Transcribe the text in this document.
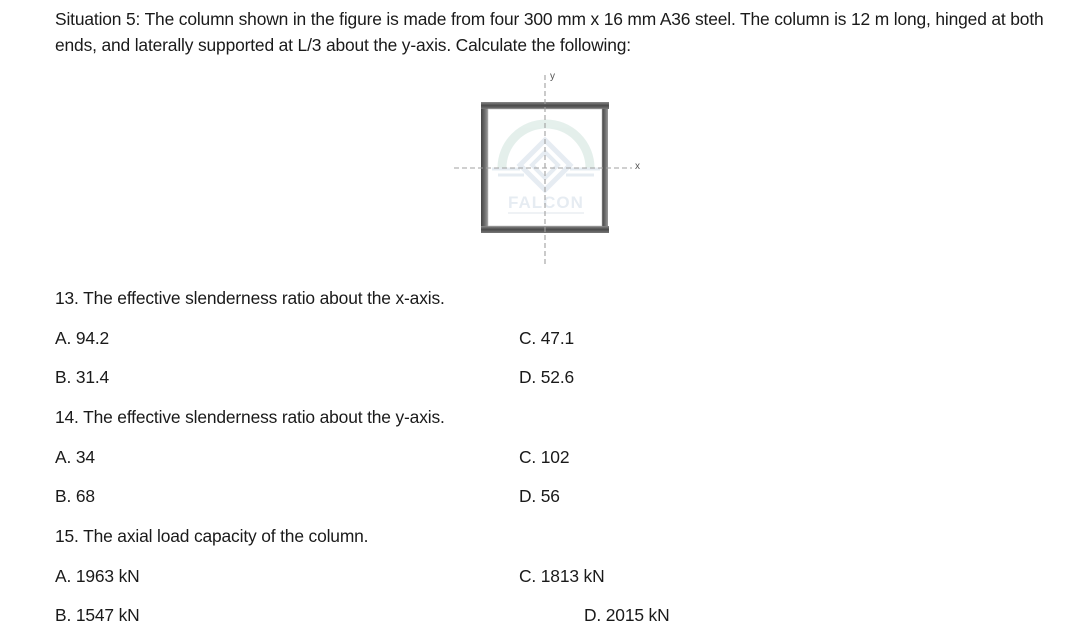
Situation 5: The column shown in the figure is made from four 300 mm x 16 mm A36 steel. The column is 12 m long, hinged at both ends, and laterally supported at L/3 about the y-axis. Calculate the following:
FALCON
y
x
13. The effective slenderness ratio about the x-axis.
A. 94.2
B. 31.4
C. 47.1
D. 52.6
14. The effective slenderness ratio about the y-axis.
A. 34
B. 68
C. 102
D. 56
15. The axial load capacity of the column.
A. 1963 kN
B. 1547 kN
C. 1813 kN
D. 2015 kN
